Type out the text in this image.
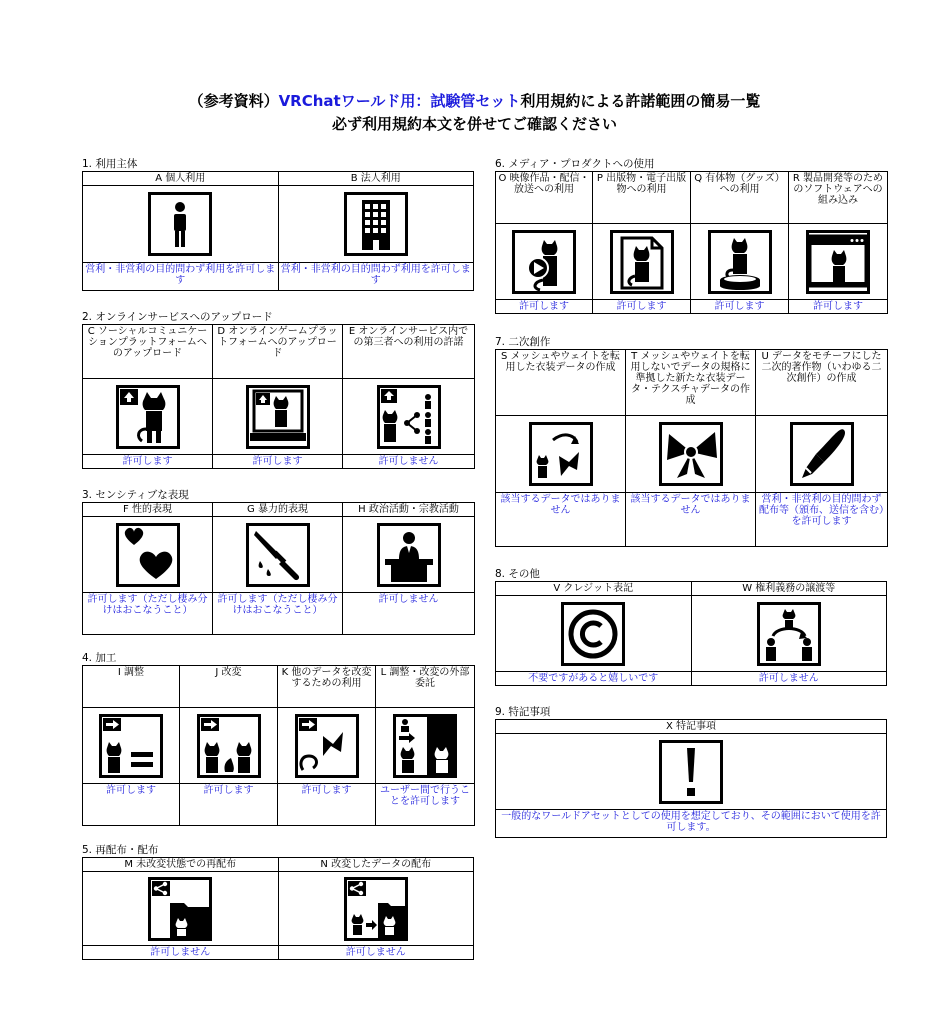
（参考資料）VRChatワールド用：試験管セット利用規約による許諾範囲の簡易一覧
必ず利用規約本文を併せてご確認ください
1. 利用主体
A 個人利用	B 法人利用

営利・非営利の目的問わず利用を許可します	営利・非営利の目的問わず利用を許可します
2. オンラインサービスへのアップロード
C ソーシャルコミュニケーションプラットフォームへのアップロード	D オンラインゲームプラットフォームへのアップロード	E オンラインサービス内での第三者への利用の許諾

許可します	許可します	許可しません
3. センシティブな表現
F 性的表現	G 暴力的表現	H 政治活動・宗教活動

許可します（ただし棲み分けはおこなうこと）	許可します（ただし棲み分けはおこなうこと）	許可しません
4. 加工
I 調整	J 改変	K 他のデータを改変するための利用	L 調整・改変の外部委託

許可します	許可します	許可します	ユーザー間で行うことを許可します
5. 再配布・配布
M 未改変状態での再配布	N 改変したデータの配布

許可しません	許可しません
6. メディア・プロダクトへの使用
O 映像作品・配信・放送への利用	P 出版物・電子出版物への利用	Q 有体物（グッズ）への利用	R 製品開発等のためのソフトウェアへの組み込み

許可します	許可します	許可します	許可します
7. 二次創作
S メッシュやウェイトを転用した衣装データの作成	T メッシュやウェイトを転用しないでデータの規格に準拠した新たな衣装データ・テクスチャデータの作成	U データをモチーフにした二次的著作物（いわゆる二次創作）の作成

該当するデータではありません	該当するデータではありません	営利・非営利の目的問わず配布等（頒布、送信を含む）を許可します
8. その他
V クレジット表記	W 権利義務の譲渡等

不要ですがあると嬉しいです	許可しません
9. 特記事項
X 特記事項

一般的なワールドアセットとしての使用を想定しており、その範囲において使用を許可します。
